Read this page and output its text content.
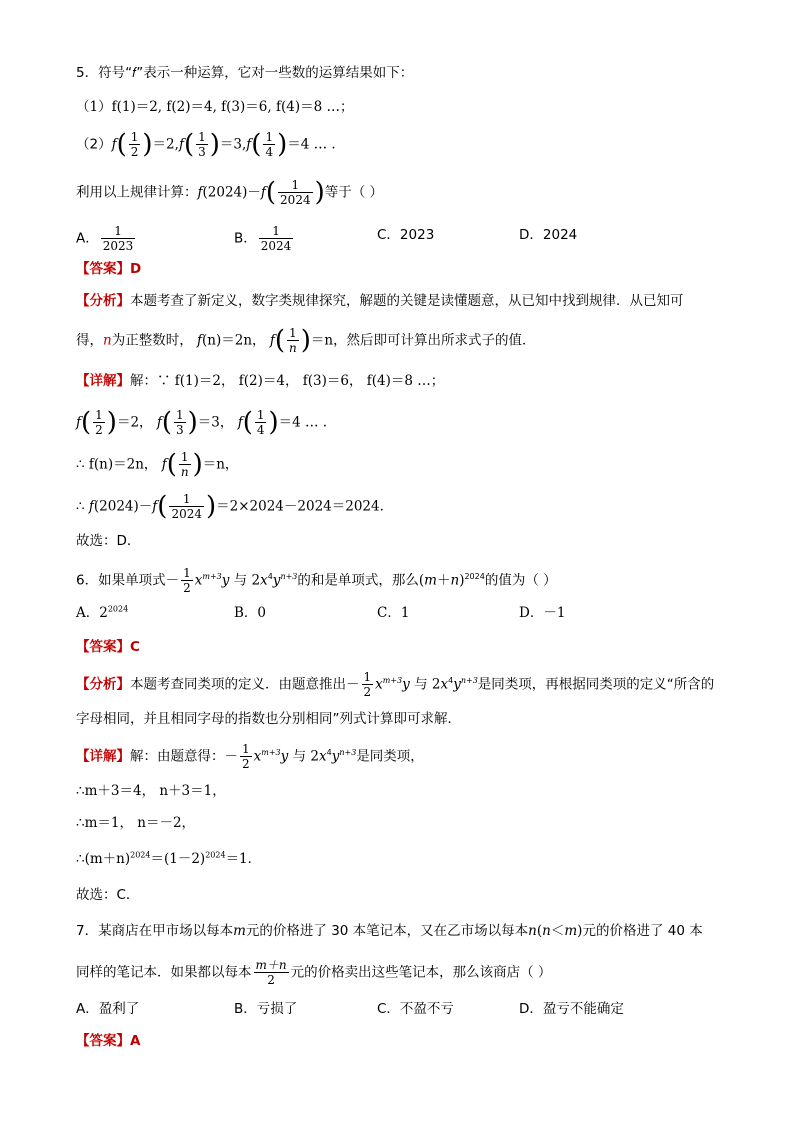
5．符号“𝑓”表示一种运算，它对一些数的运算结果如下：
（1）f(1)＝2, f(2)＝4, f(3)＝6, f(4)＝8 …；
$(2)f( \frac{1}{2} )=2,f( \frac{1}{3} )=3,f( \frac{1}{4} )=4$ … .
利用以上规律计算：$f(2024)-f( \frac{1}{2024}$ )等于（ ）
A． $\frac{1}{2023}$	B． $\frac{1}{2024}$	C．2023	D．2024
【答案】D
【分析】本题考查了新定义，数字类规律探究，解题的关键是读懂题意，从已知中找到规律．从已知可
得，n为正整数时， f(n)＝2n， $f( \frac{1}{n} )=n$，然后即可计算出所求式子的值．
【详解】解：∵ f(1)＝2， f(2)＝4， f(3)＝6， f(4)＝8 …；
$f( \frac{1}{2} )=2$， $f( \frac{1}{3} )=3$， $f( \frac{1}{4} )=4$ … .
∴ f(n)＝2n， $f( \frac{1}{n} )=n$，
∴ $f(2024)-f( \frac{1}{2024} )=2\times 2024-2024=2024$．
故选：D．
6．如果单项式－ $\frac{1}{2} x^{m+3}y$ 与 $2x^4y^{n+3}$的和是单项式，那么$(m+n)^{2024}$的值为（ ）
A．$2^{2024}$	B．0	C．1	D．－1
【答案】C
【分析】本题考查同类项的定义．由题意推出－ $\frac{1}{2} x^{m+3}y$ 与 $2x^4y^{n+3}$是同类项，再根据同类项的定义“所含的
字母相同，并且相同字母的指数也分别相同”列式计算即可求解．
【详解】解：由题意得：－ $\frac{1}{2} x^{m+3}y$ 与 $2x^4y^{n+3}$是同类项，
∴m＋3＝4， n＋3＝1，
∴m＝1， n＝－2，
$\therefore(m+n)^{2024}=(1-2)^{2024}=1$．
故选：C．
7．某商店在甲市场以每本m元的价格进了 30 本笔记本，又在乙市场以每本n(n＜m)元的价格进了 40 本
同样的笔记本．如果都以每本 $\frac{m+n}{2}$ 元的价格卖出这些笔记本，那么该商店（ ）
A．盈利了	B．亏损了	C．不盈不亏	D．盈亏不能确定
【答案】A
